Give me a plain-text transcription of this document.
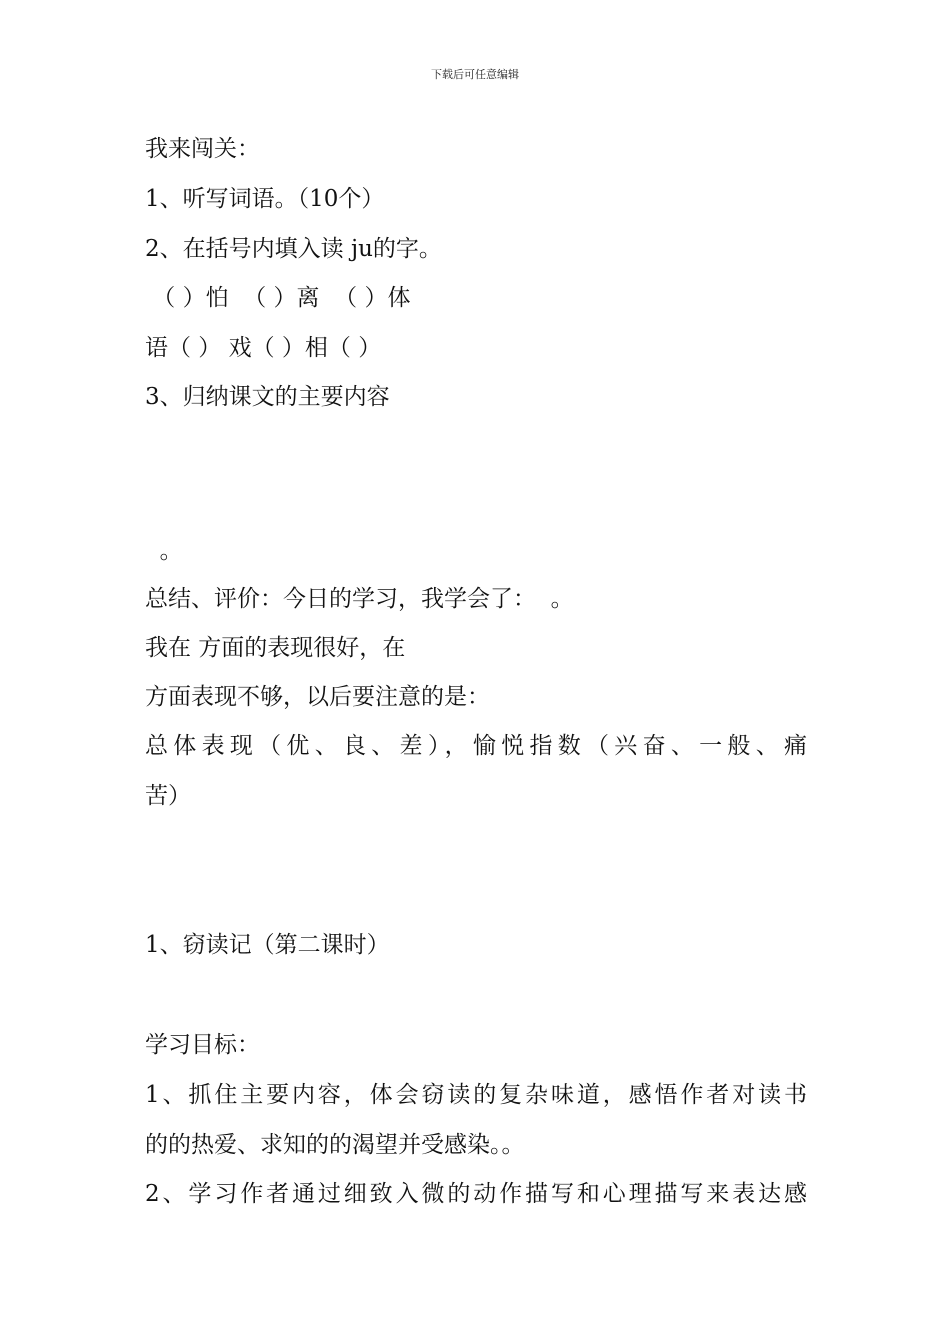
下载后可任意编辑
我来闯关：
1、听写词语。（10个）
2、在括号内填入读 ju的字。
（ ）怕  （ ）离  （ ）体
语（ ） 戏（ ）相（ ）
3、归纳课文的主要内容
。
总结、评价：今日的学习，我学会了：  。
我在 方面的表现很好，在
方面表现不够，以后要注意的是：
总体表现（优、良、差），愉悦指数（兴奋、一般、痛
苦）
1、窃读记（第二课时）
学习目标：
1、抓住主要内容，体会窃读的复杂味道，感悟作者对读书
的的热爱、求知的的渴望并受感染。。
2、学习作者通过细致入微的动作描写和心理描写来表达感
